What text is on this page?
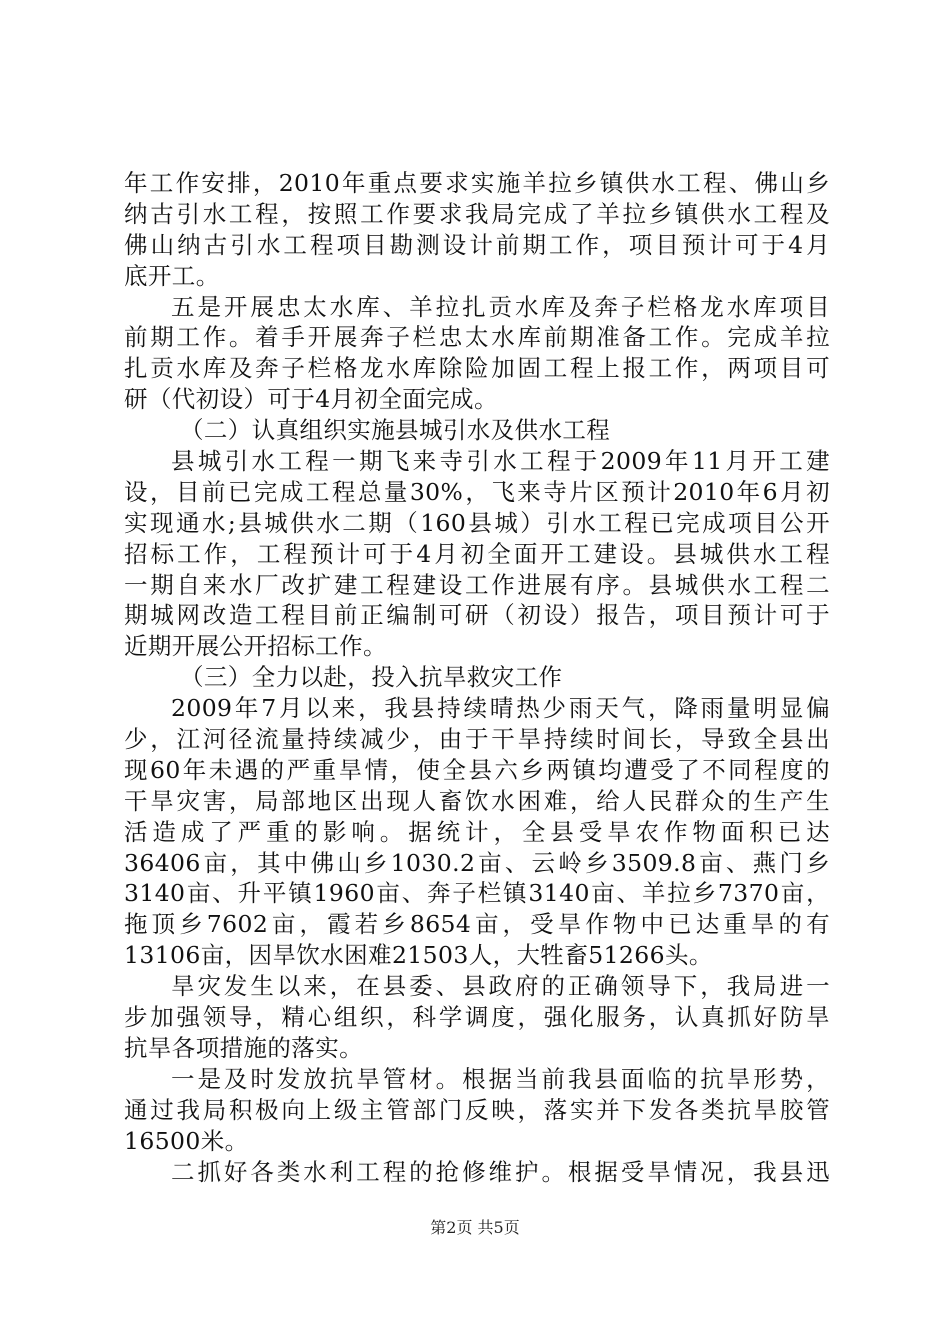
年工作安排，2010年重点要求实施羊拉乡镇供水工程、佛山乡
纳古引水工程，按照工作要求我局完成了羊拉乡镇供水工程及
佛山纳古引水工程项目勘测设计前期工作，项目预计可于4月
底开工。
五是开展忠太水库、羊拉扎贡水库及奔子栏格龙水库项目
前期工作。着手开展奔子栏忠太水库前期准备工作。完成羊拉
扎贡水库及奔子栏格龙水库除险加固工程上报工作，两项目可
研（代初设）可于4月初全面完成。
（二）认真组织实施县城引水及供水工程
县城引水工程一期飞来寺引水工程于2009年11月开工建
设，目前已完成工程总量30%，飞来寺片区预计2010年6月初
实现通水;县城供水二期（160县城）引水工程已完成项目公开
招标工作，工程预计可于4月初全面开工建设。县城供水工程
一期自来水厂改扩建工程建设工作进展有序。县城供水工程二
期城网改造工程目前正编制可研（初设）报告，项目预计可于
近期开展公开招标工作。
（三）全力以赴，投入抗旱救灾工作
2009年7月以来，我县持续晴热少雨天气，降雨量明显偏
少，江河径流量持续减少，由于干旱持续时间长，导致全县出
现60年未遇的严重旱情，使全县六乡两镇均遭受了不同程度的
干旱灾害，局部地区出现人畜饮水困难，给人民群众的生产生
活造成了严重的影响。据统计，全县受旱农作物面积已达
36406亩，其中佛山乡1030.2亩、云岭乡3509.8亩、燕门乡
3140亩、升平镇1960亩、奔子栏镇3140亩、羊拉乡7370亩，
拖顶乡7602亩，霞若乡8654亩，受旱作物中已达重旱的有
13106亩，因旱饮水困难21503人，大牲畜51266头。
旱灾发生以来，在县委、县政府的正确领导下，我局进一
步加强领导，精心组织，科学调度，强化服务，认真抓好防旱
抗旱各项措施的落实。
一是及时发放抗旱管材。根据当前我县面临的抗旱形势，
通过我局积极向上级主管部门反映，落实并下发各类抗旱胶管
16500米。
二抓好各类水利工程的抢修维护。根据受旱情况，我县迅
第2页 共5页
